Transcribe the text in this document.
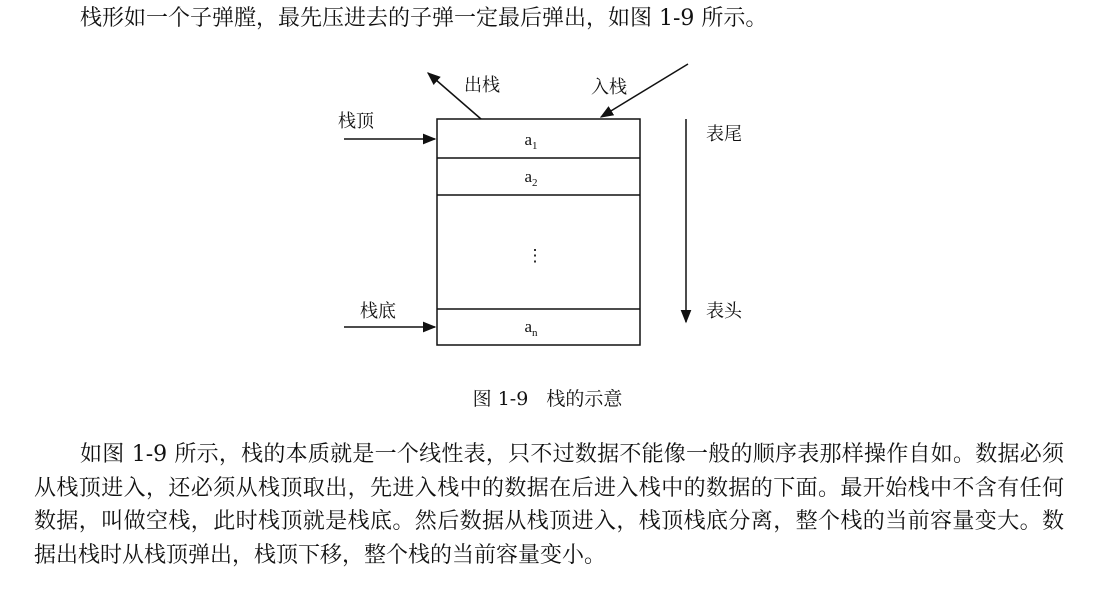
栈形如一个子弹膛，最先压进去的子弹一定最后弹出，如图 1-9 所示。

$a_1$
$a_2$
⋮
$a_n$
出栈	入栈
栈顶
栈底
表尾
表头

图 1-9 栈的示意

如图 1-9 所示，栈的本质就是一个线性表，只不过数据不能像一般的顺序表那样操作自如。数据必须从栈顶进入，还必须从栈顶取出，先进入栈中的数据在后进入栈中的数据的下面。最开始栈中不含有任何数据，叫做空栈，此时栈顶就是栈底。然后数据从栈顶进入，栈顶栈底分离，整个栈的当前容量变大。数据出栈时从栈顶弹出，栈顶下移，整个栈的当前容量变小。
